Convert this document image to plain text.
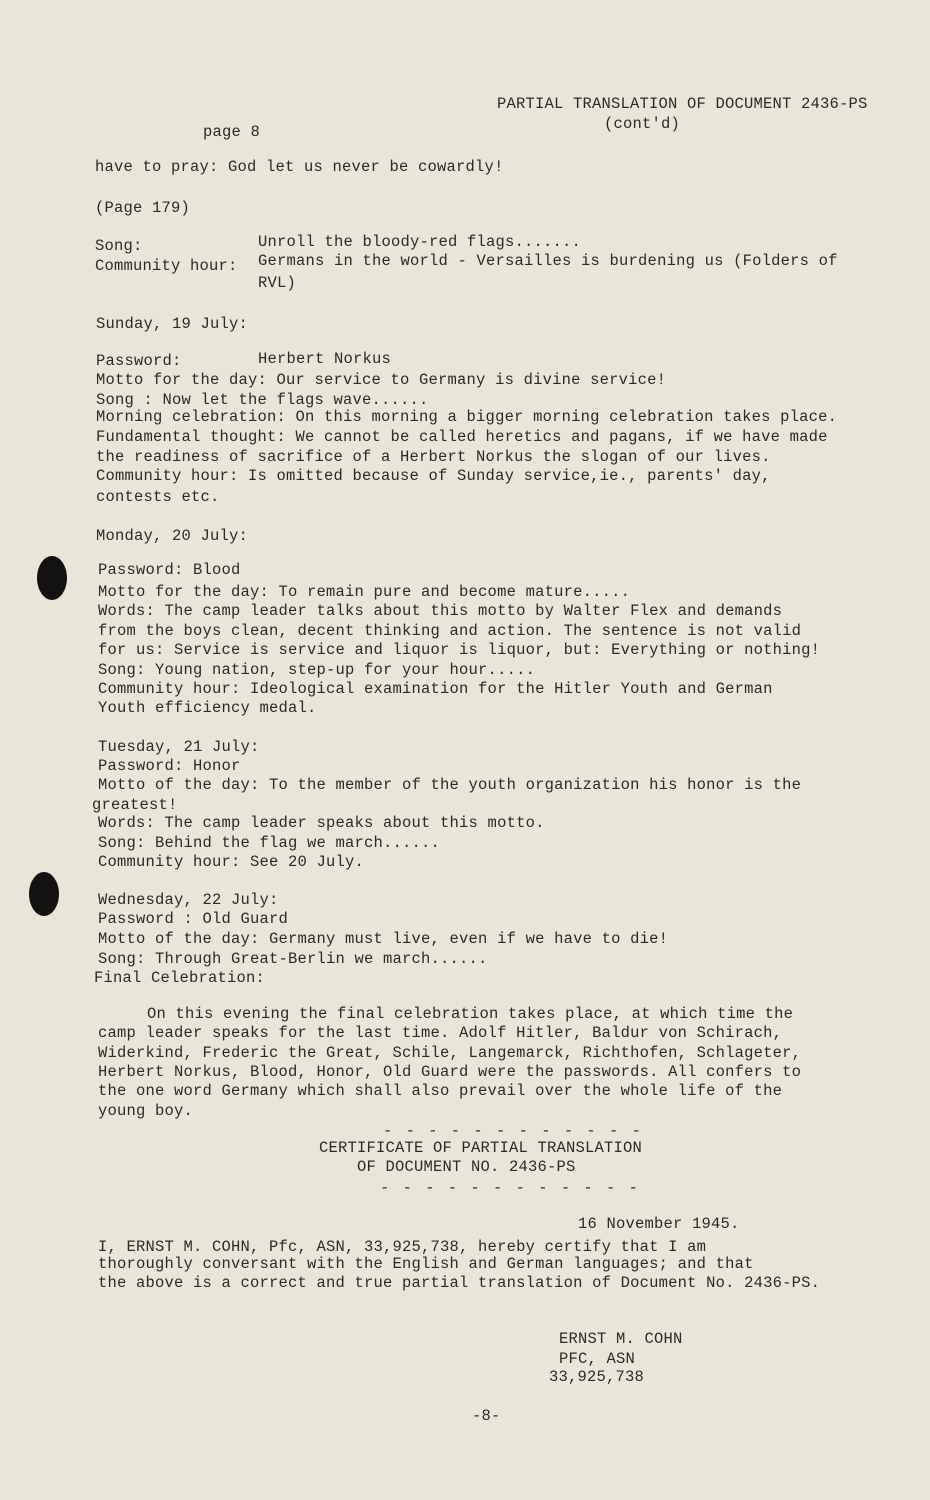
PARTIAL TRANSLATION OF DOCUMENT 2436-PS
page 8	(cont'd)
have to pray: God let us never be cowardly!
(Page 179)
Song:	Unroll the bloody-red flags.......
Community hour: Germans in the world - Versailles is burdening us (Folders of
RVL)
Sunday, 19 July:
Password:	Herbert Norkus
Motto for the day: Our service to Germany is divine service!
Song : Now let the flags wave......
Morning celebration: On this morning a bigger morning celebration takes place.
Fundamental thought: We cannot be called heretics and pagans, if we have made
the readiness of sacrifice of a Herbert Norkus the slogan of our lives.
Community hour: Is omitted because of Sunday service,ie., parents' day,
contests etc.
Monday, 20 July:
Password: Blood
Motto for the day: To remain pure and become mature.....
Words: The camp leader talks about this motto by Walter Flex and demands
from the boys clean, decent thinking and action. The sentence is not valid
for us: Service is service and liquor is liquor, but: Everything or nothing!
Song: Young nation, step-up for your hour.....
Community hour: Ideological examination for the Hitler Youth and German
Youth efficiency medal.
Tuesday, 21 July:
Password: Honor
Motto of the day: To the member of the youth organization his honor is the
greatest!
Words: The camp leader speaks about this motto.
Song: Behind the flag we march......
Community hour: See 20 July.
Wednesday, 22 July:
Password : Old Guard
Motto of the day: Germany must live, even if we have to die!
Song: Through Great-Berlin we march......
Final Celebration:
On this evening the final celebration takes place, at which time the
camp leader speaks for the last time. Adolf Hitler, Baldur von Schirach,
Widerkind, Frederic the Great, Schile, Langemarck, Richthofen, Schlageter,
Herbert Norkus, Blood, Honor, Old Guard were the passwords. All confers to
the one word Germany which shall also prevail over the whole life of the
young boy.
- - - - - - - - - - - -
CERTIFICATE OF PARTIAL TRANSLATION
OF DOCUMENT NO. 2436-PS
- - - - - - - - - - - -
16 November 1945.
I, ERNST M. COHN, Pfc, ASN, 33,925,738, hereby certify that I am
thoroughly conversant with the English and German languages; and that
the above is a correct and true partial translation of Document No. 2436-PS.
ERNST M. COHN
PFC, ASN
33,925,738
-8-
